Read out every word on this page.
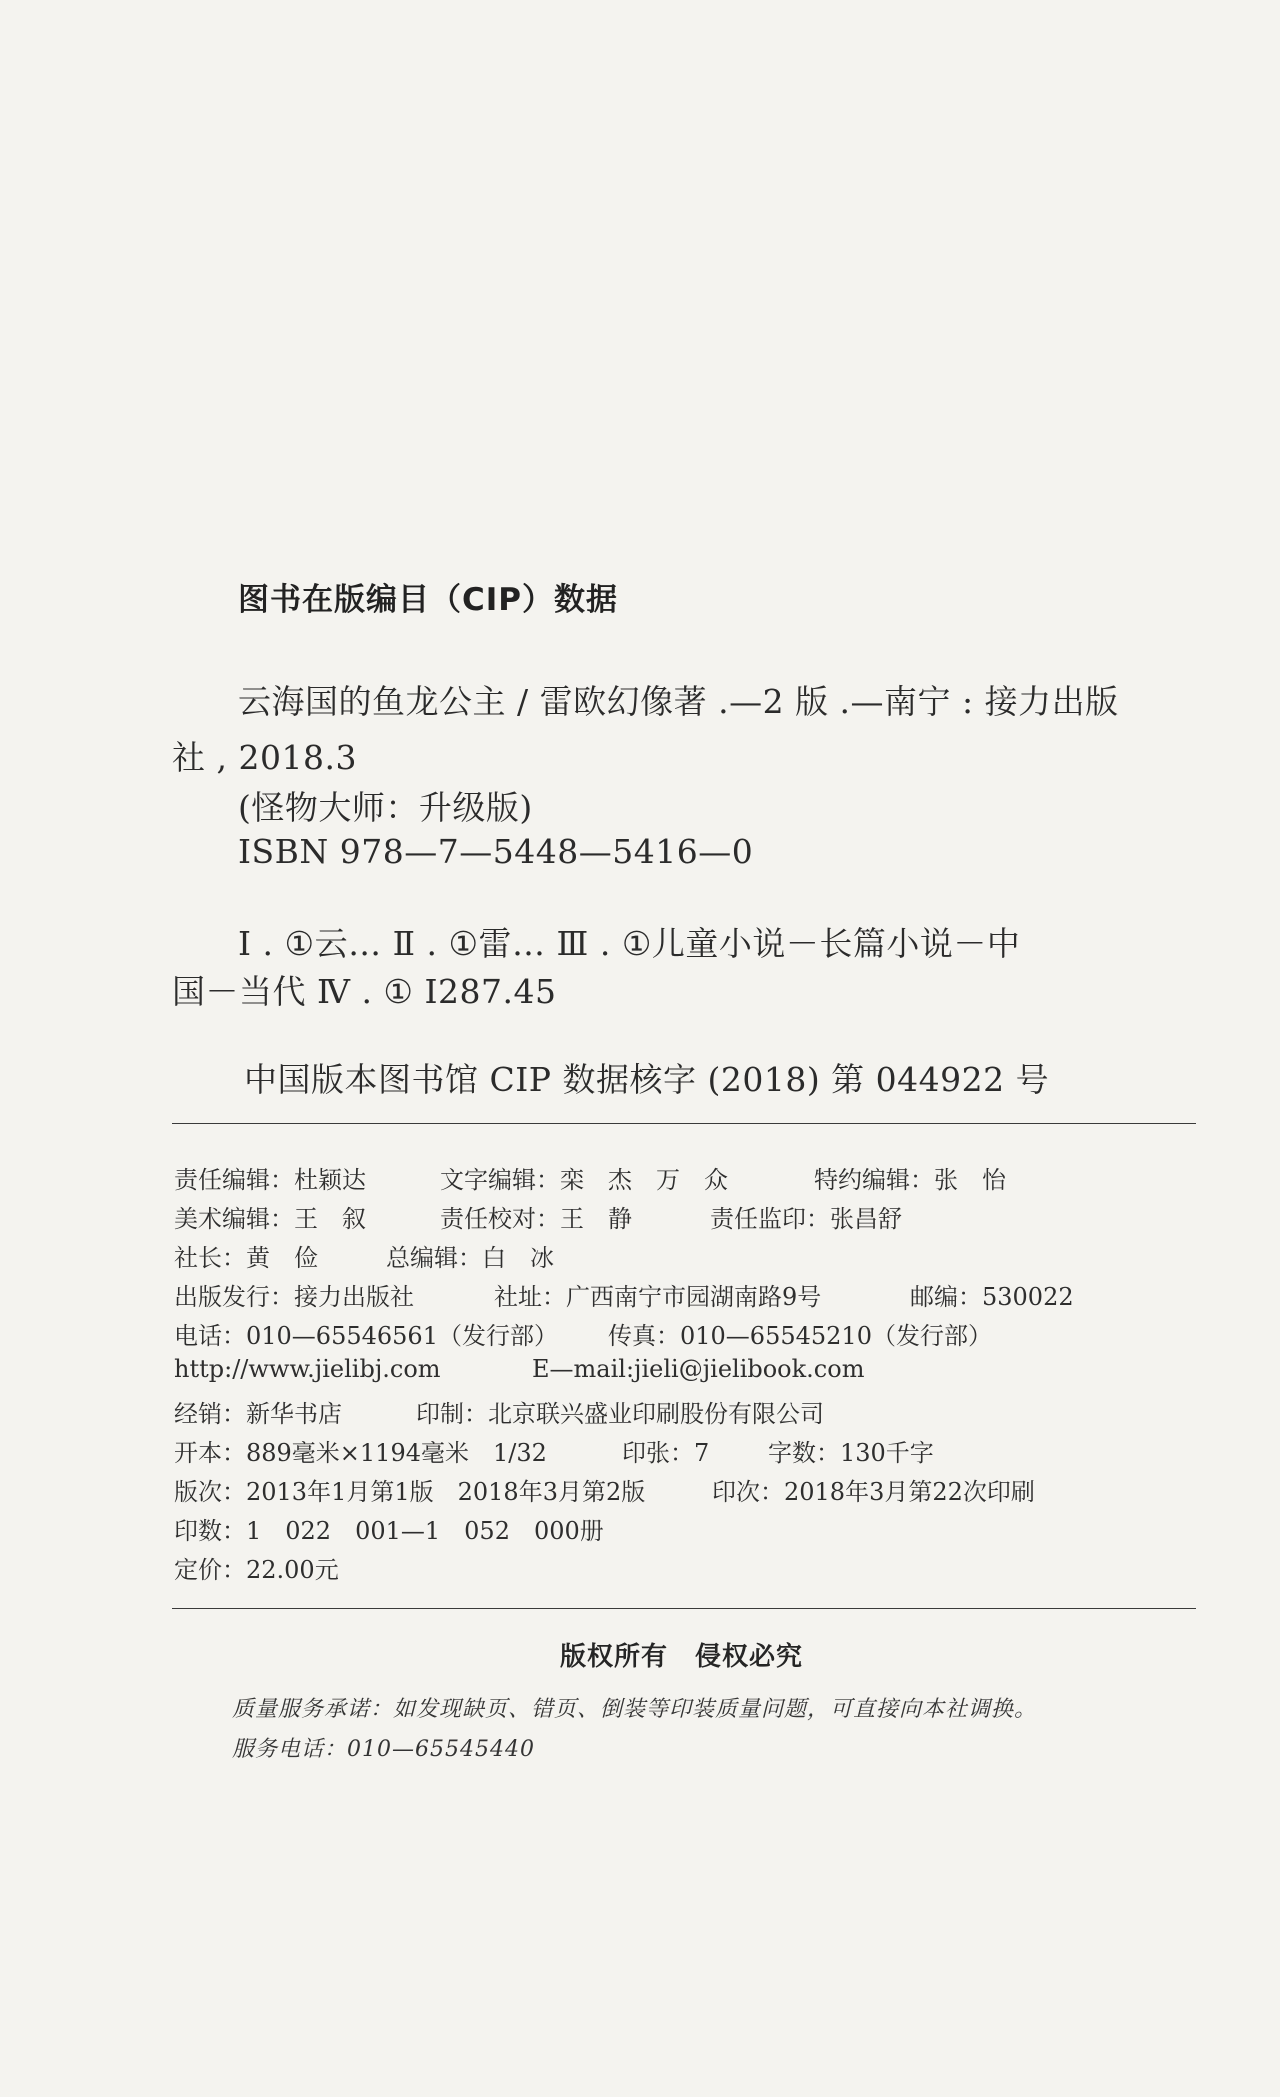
图书在版编目（CIP）数据
云海国的鱼龙公主 / 雷欧幻像著 .—2 版 .—南宁 : 接力出版
社 , 2018.3
(怪物大师：升级版)
ISBN 978—7—5448—5416—0
Ⅰ . ①云… Ⅱ . ①雷… Ⅲ . ①儿童小说－长篇小说－中
国－当代 Ⅳ . ① I287.45
中国版本图书馆 CIP 数据核字 (2018) 第 044922 号
责任编辑：杜颖达	文字编辑：栾　杰　万　众	特约编辑：张　怡
美术编辑：王　叙	责任校对：王　静	责任监印：张昌舒
社长：黄　俭	总编辑：白　冰
出版发行：接力出版社	社址：广西南宁市园湖南路9号	邮编：530022
电话：010—65546561（发行部） 传真：010—65545210（发行部）
http://www.jielibj.com	E—mail:jieli@jielibook.com
经销：新华书店	印制：北京联兴盛业印刷股份有限公司
开本：889毫米×1194毫米　1/32	印张：7 字数：130千字
版次：2013年1月第1版　2018年3月第2版	印次：2018年3月第22次印刷
印数：1　022　001—1　052　000册
定价：22.00元
版权所有　侵权必究
质量服务承诺：如发现缺页、错页、倒装等印装质量问题，可直接向本社调换。
服务电话：010—65545440
